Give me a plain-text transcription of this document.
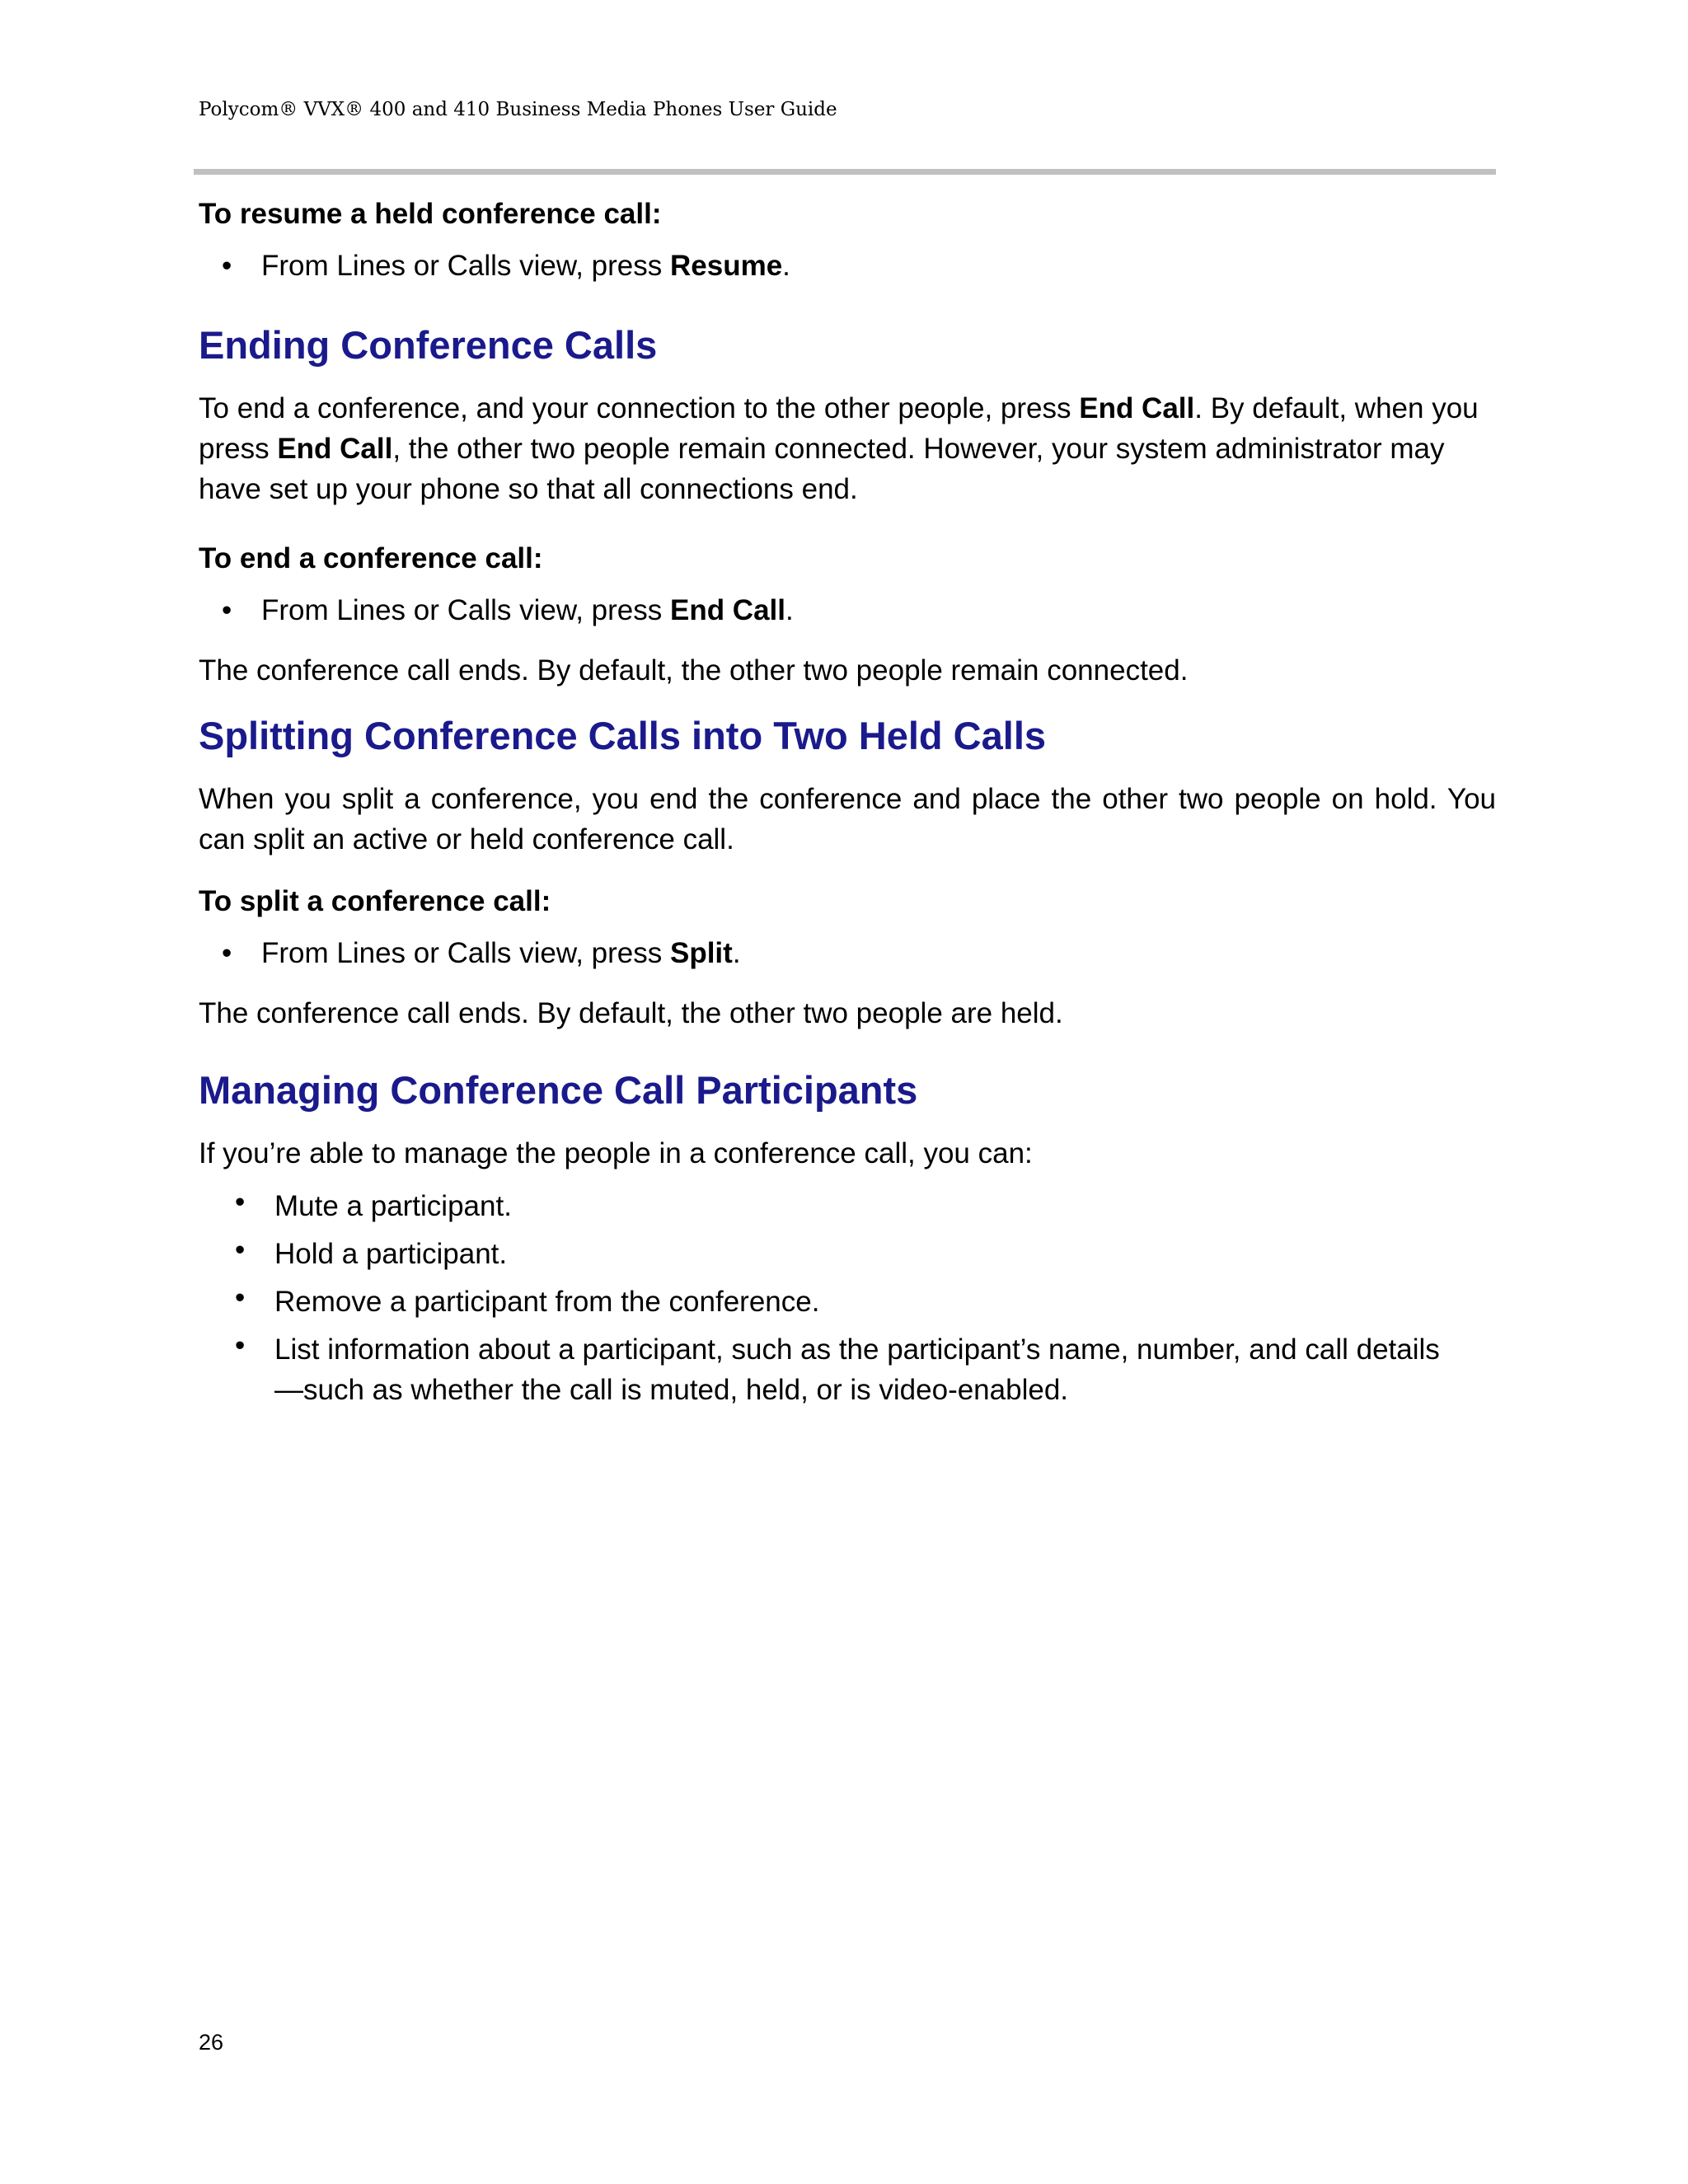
Polycom® VVX® 400 and 410 Business Media Phones User Guide
To resume a held conference call:
• From Lines or Calls view, press Resume.
Ending Conference Calls
To end a conference, and your connection to the other people, press End Call. By default, when you press End Call, the other two people remain connected. However, your system administrator may have set up your phone so that all connections end.
To end a conference call:
• From Lines or Calls view, press End Call.
The conference call ends. By default, the other two people remain connected.
Splitting Conference Calls into Two Held Calls
When you split a conference, you end the conference and place the other two people on hold. You can split an active or held conference call.
To split a conference call:
• From Lines or Calls view, press Split.
The conference call ends. By default, the other two people are held.
Managing Conference Call Participants
If you’re able to manage the people in a conference call, you can:
• Mute a participant.
• Hold a participant.
• Remove a participant from the conference.
• List information about a participant, such as the participant’s name, number, and call details—such as whether the call is muted, held, or is video-enabled.
26
